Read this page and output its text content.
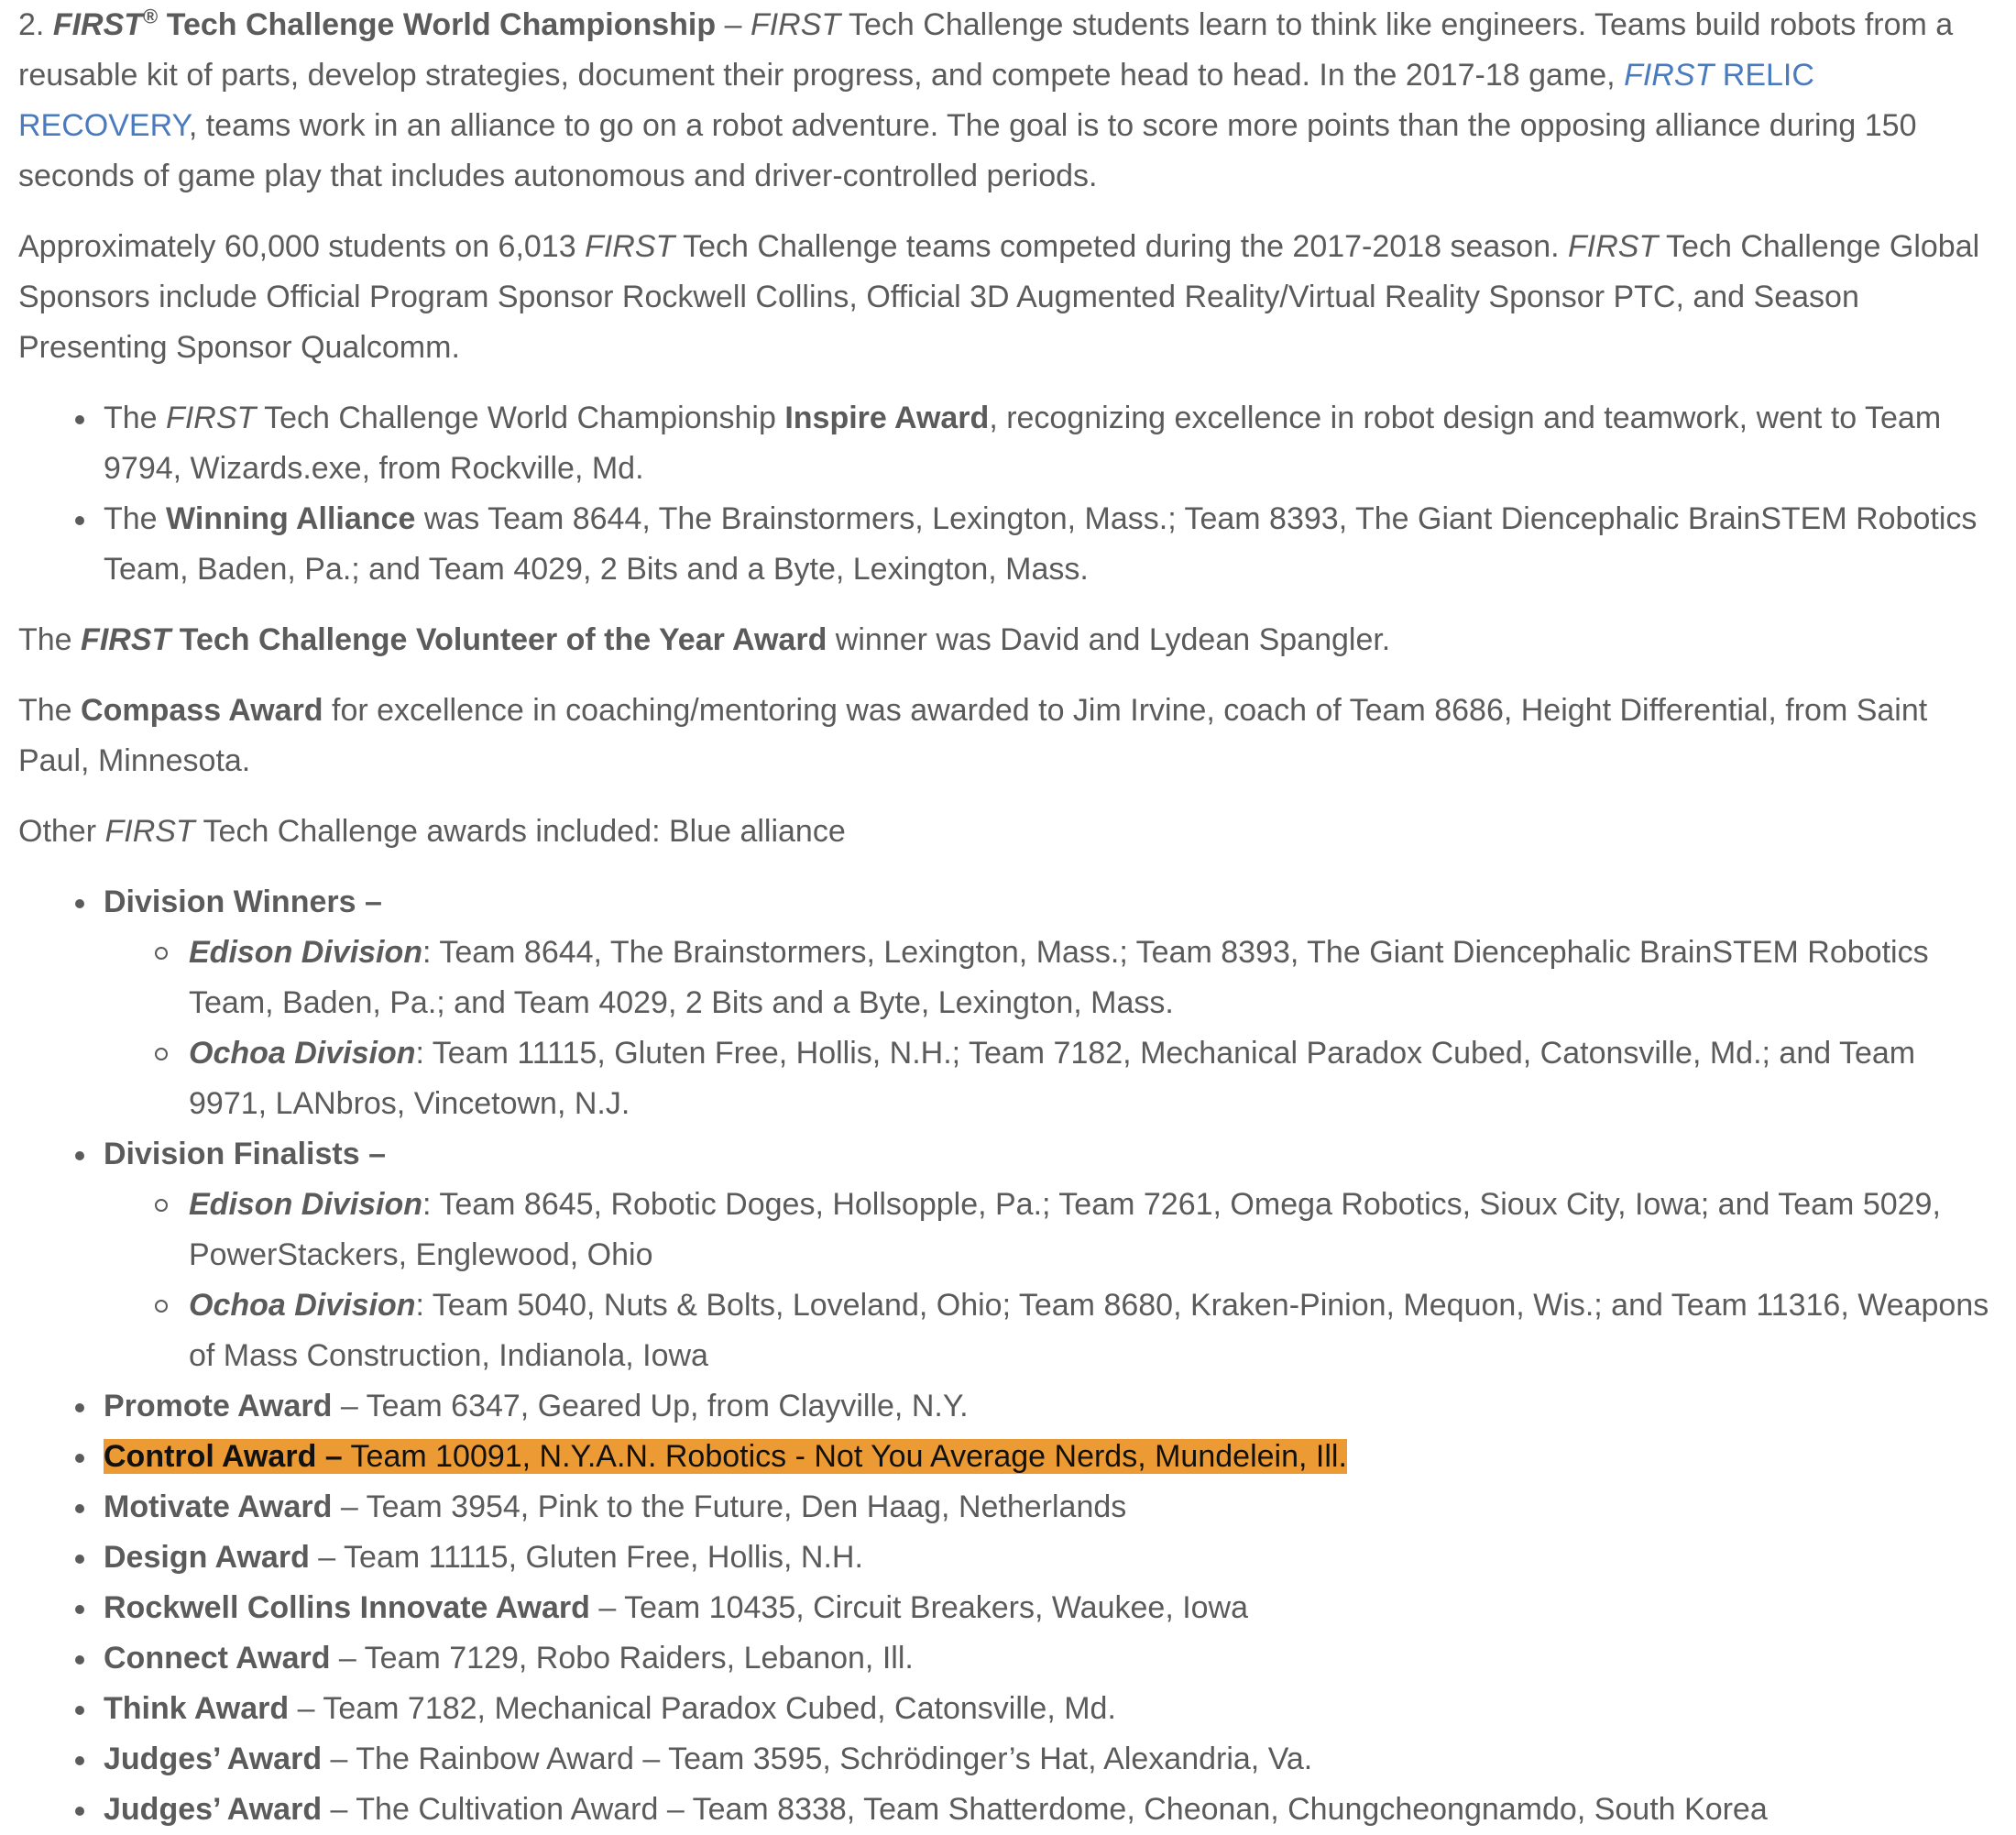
2. FIRST® Tech Challenge World Championship – FIRST Tech Challenge students learn to think like engineers. Teams build robots from a reusable kit of parts, develop strategies, document their progress, and compete head to head. In the 2017-18 game, FIRST RELIC RECOVERY, teams work in an alliance to go on a robot adventure. The goal is to score more points than the opposing alliance during 150 seconds of game play that includes autonomous and driver-controlled periods.

Approximately 60,000 students on 6,013 FIRST Tech Challenge teams competed during the 2017-2018 season. FIRST Tech Challenge Global Sponsors include Official Program Sponsor Rockwell Collins, Official 3D Augmented Reality/Virtual Reality Sponsor PTC, and Season Presenting Sponsor Qualcomm.

The FIRST Tech Challenge World Championship Inspire Award, recognizing excellence in robot design and teamwork, went to Team 9794, Wizards.exe, from Rockville, Md.
The Winning Alliance was Team 8644, The Brainstormers, Lexington, Mass.; Team 8393, The Giant Diencephalic BrainSTEM Robotics Team, Baden, Pa.; and Team 4029, 2 Bits and a Byte, Lexington, Mass.

The FIRST Tech Challenge Volunteer of the Year Award winner was David and Lydean Spangler.

The Compass Award for excellence in coaching/mentoring was awarded to Jim Irvine, coach of Team 8686, Height Differential, from Saint Paul, Minnesota.

Other FIRST Tech Challenge awards included: Blue alliance

Division Winners –
Edison Division: Team 8644, The Brainstormers, Lexington, Mass.; Team 8393, The Giant Diencephalic BrainSTEM Robotics Team, Baden, Pa.; and Team 4029, 2 Bits and a Byte, Lexington, Mass.
Ochoa Division: Team 11115, Gluten Free, Hollis, N.H.; Team 7182, Mechanical Paradox Cubed, Catonsville, Md.; and Team 9971, LANbros, Vincetown, N.J.
Division Finalists –
Edison Division: Team 8645, Robotic Doges, Hollsopple, Pa.; Team 7261, Omega Robotics, Sioux City, Iowa; and Team 5029, PowerStackers, Englewood, Ohio
Ochoa Division: Team 5040, Nuts & Bolts, Loveland, Ohio; Team 8680, Kraken-Pinion, Mequon, Wis.; and Team 11316, Weapons of Mass Construction, Indianola, Iowa
Promote Award – Team 6347, Geared Up, from Clayville, N.Y.
Control Award – Team 10091, N.Y.A.N. Robotics - Not You Average Nerds, Mundelein, Ill.
Motivate Award – Team 3954, Pink to the Future, Den Haag, Netherlands
Design Award – Team 11115, Gluten Free, Hollis, N.H.
Rockwell Collins Innovate Award – Team 10435, Circuit Breakers, Waukee, Iowa
Connect Award – Team 7129, Robo Raiders, Lebanon, Ill.
Think Award – Team 7182, Mechanical Paradox Cubed, Catonsville, Md.
Judges’ Award – The Rainbow Award – Team 3595, Schrödinger’s Hat, Alexandria, Va.
Judges’ Award – The Cultivation Award – Team 8338, Team Shatterdome, Cheonan, Chungcheongnamdo, South Korea
